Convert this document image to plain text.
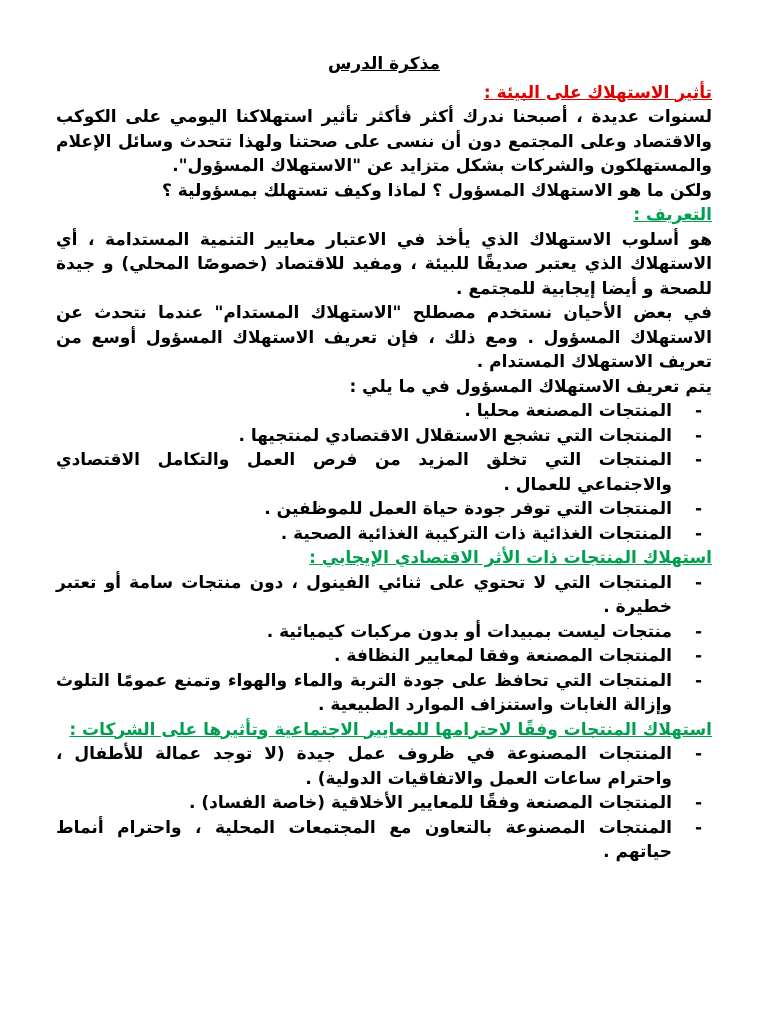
مذكرة الدرس
تأثير الاستهلاك على البيئة :

لسنوات عديدة ، أصبحنا ندرك أكثر فأكثر تأثير استهلاكنا اليومي على الكوكب والاقتصاد وعلى المجتمع دون أن ننسى على صحتنا ولهذا تتحدث وسائل الإعلام والمستهلكون والشركات بشكل متزايد عن "الاستهلاك المسؤول".

ولكن ما هو الاستهلاك المسؤول ؟ لماذا وكيف تستهلك بمسؤولية ؟

التعريف :

هو أسلوب الاستهلاك الذي يأخذ في الاعتبار معايير التنمية المستدامة ، أي الاستهلاك الذي يعتبر صديقًا للبيئة ، ومفيد للاقتصاد (خصوصًا المحلي) و جيدة للصحة و أيضا إيجابية للمجتمع .

في بعض الأحيان نستخدم مصطلح "الاستهلاك المستدام" عندما نتحدث عن الاستهلاك المسؤول . ومع ذلك ، فإن تعريف الاستهلاك المسؤول أوسع من تعريف الاستهلاك المستدام .

يتم تعريف الاستهلاك المسؤول في ما يلي :

- المنتجات المصنعة محليا .
- المنتجات التي تشجع الاستقلال الاقتصادي لمنتجيها .
- المنتجات التي تخلق المزيد من فرص العمل والتكامل الاقتصادي والاجتماعي للعمال .
- المنتجات التي توفر جودة حياة العمل للموظفين .
- المنتجات الغذائية ذات التركيبة الغذائية الصحية .
استهلاك المنتجات ذات الأثر الاقتصادي الإيجابي :
- المنتجات التي لا تحتوي على ثنائي الفينول ، دون منتجات سامة أو تعتبر خطيرة .
- منتجات ليست بمبيدات أو بدون مركبات كيميائية .
- المنتجات المصنعة وفقا لمعايير النظافة .
- المنتجات التي تحافظ على جودة التربة والماء والهواء وتمنع عمومًا التلوث وإزالة الغابات واستنزاف الموارد الطبيعية .
استهلاك المنتجات وفقًا لاحترامها للمعايير الاجتماعية وتأثيرها على الشركات :
- المنتجات المصنوعة في ظروف عمل جيدة (لا توجد عمالة للأطفال ، واحترام ساعات العمل والاتفاقيات الدولية) .
- المنتجات المصنعة وفقًا للمعايير الأخلاقية (خاصة الفساد) .
- المنتجات المصنوعة بالتعاون مع المجتمعات المحلية ، واحترام أنماط حياتهم .
